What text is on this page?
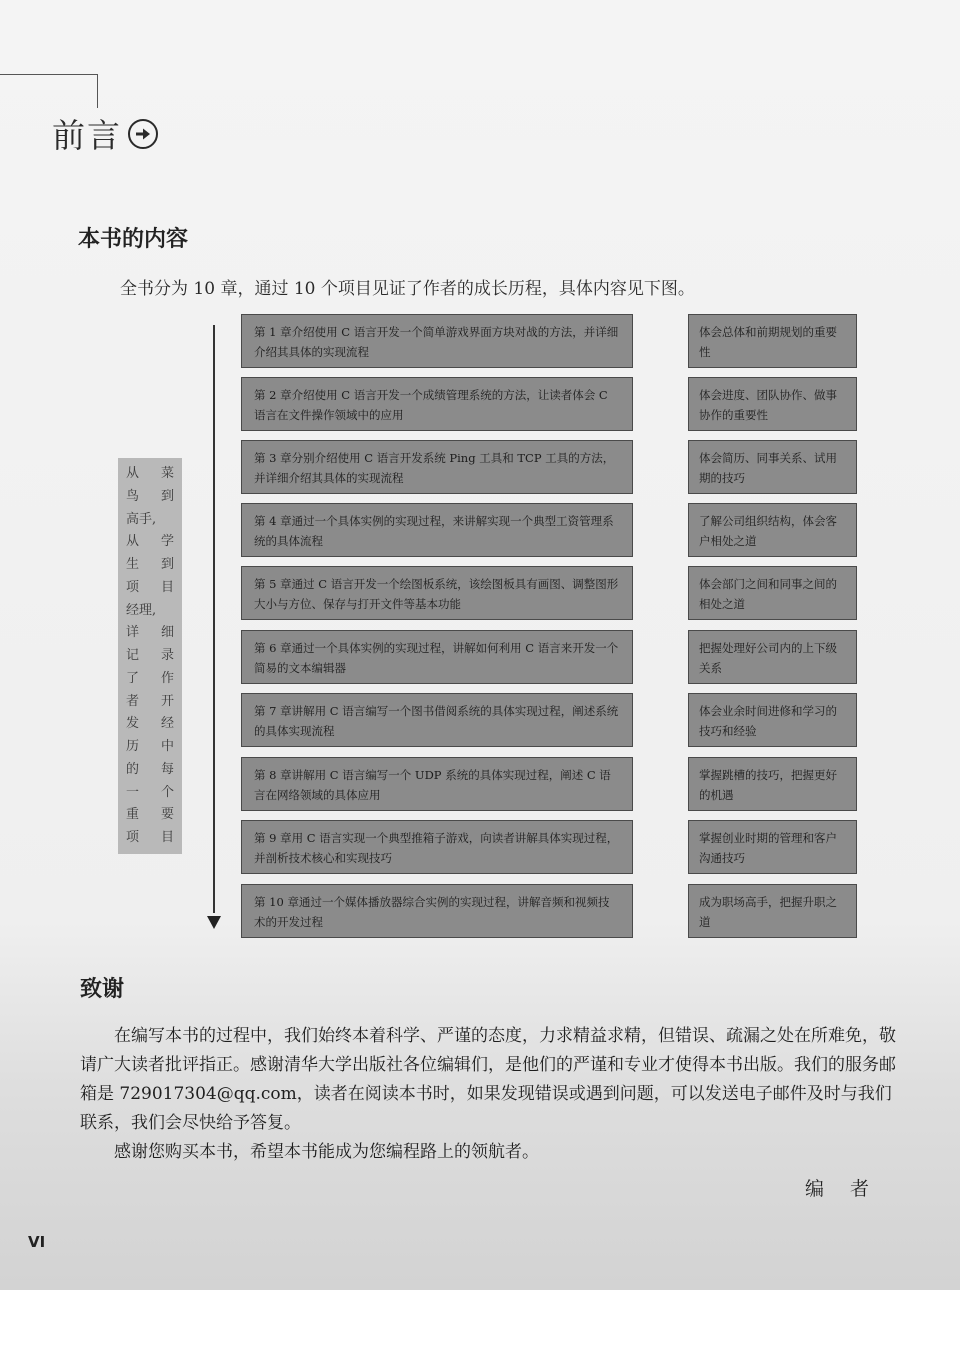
前言
本书的内容
全书分为 10 章，通过 10 个项目见证了作者的成长历程，具体内容见下图。
从 菜
鸟 到
高手,
从 学
生 到
项 目
经理,
详 细
记 录
了 作
者 开
发 经
历 中
的 每
一 个
重 要
项 目
第 1 章介绍使用 C 语言开发一个简单游戏界面方块对战的方法，并详细介绍其具体的实现流程
第 2 章介绍使用 C 语言开发一个成绩管理系统的方法，让读者体会 C 语言在文件操作领域中的应用
第 3 章分别介绍使用 C 语言开发系统 Ping 工具和 TCP 工具的方法，并详细介绍其具体的实现流程
第 4 章通过一个具体实例的实现过程，来讲解实现一个典型工资管理系统的具体流程
第 5 章通过 C 语言开发一个绘图板系统，该绘图板具有画图、调整图形大小与方位、保存与打开文件等基本功能
第 6 章通过一个具体实例的实现过程，讲解如何利用 C 语言来开发一个简易的文本编辑器
第 7 章讲解用 C 语言编写一个图书借阅系统的具体实现过程，阐述系统的具体实现流程
第 8 章讲解用 C 语言编写一个 UDP 系统的具体实现过程，阐述 C 语言在网络领域的具体应用
第 9 章用 C 语言实现一个典型推箱子游戏，向读者讲解具体实现过程，并剖析技术核心和实现技巧
第 10 章通过一个媒体播放器综合实例的实现过程，讲解音频和视频技术的开发过程
体会总体和前期规划的重要性
体会进度、团队协作、做事协作的重要性
体会简历、同事关系、试用期的技巧
了解公司组织结构，体会客户相处之道
体会部门之间和同事之间的相处之道
把握处理好公司内的上下级关系
体会业余时间进修和学习的技巧和经验
掌握跳槽的技巧，把握更好的机遇
掌握创业时期的管理和客户沟通技巧
成为职场高手，把握升职之道
致谢

在编写本书的过程中，我们始终本着科学、严谨的态度，力求精益求精，但错误、疏漏之处在所难免，敬请广大读者批评指正。感谢清华大学出版社各位编辑们，是他们的严谨和专业才使得本书出版。我们的服务邮箱是 729017304@qq.com，读者在阅读本书时，如果发现错误或遇到问题，可以发送电子邮件及时与我们联系，我们会尽快给予答复。

感谢您购买本书，希望本书能成为您编程路上的领航者。

编者
VI
